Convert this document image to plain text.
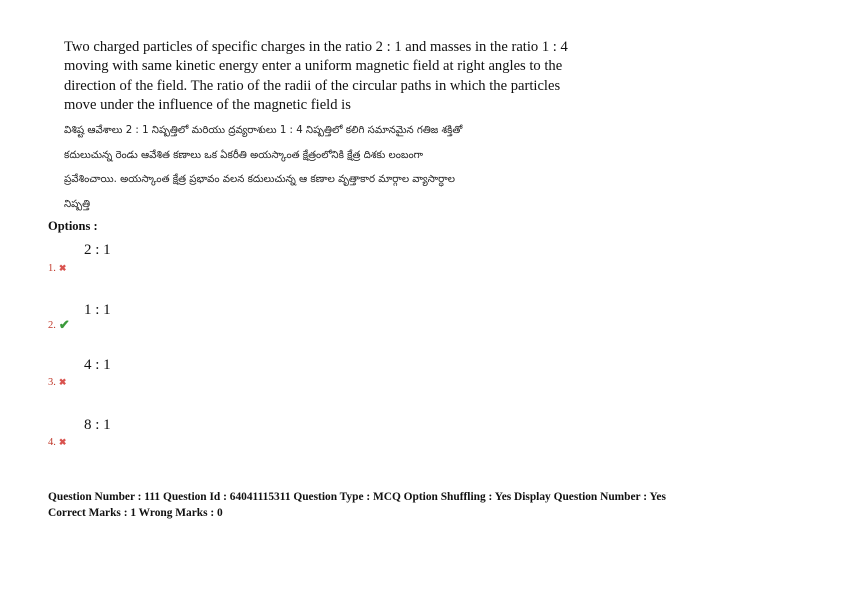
Two charged particles of specific charges in the ratio 2 : 1 and masses in the ratio 1 : 4 moving with same kinetic energy enter a uniform magnetic field at right angles to the direction of the field. The ratio of the radii of the circular paths in which the particles move under the influence of the magnetic field is
విశిష్ట ఆవేశాలు 2 : 1 నిష్పత్తిలో మరియు ద్రవ్యరాశులు 1 : 4 నిష్పత్తిలో కలిగి సమానమైన గతిజ శక్తితో
కదులుచున్న రెండు ఆవేశిత కణాలు ఒక ఏకరీతి అయస్కాంత క్షేత్రంలోనికి క్షేత్ర దిశకు లంబంగా
ప్రవేశించాయి. అయస్కాంత క్షేత్ర ప్రభావం వలన కదులుచున్న ఆ కణాల వృత్తాకార మార్గాల వ్యాసార్ధాల
నిష్పత్తి
Options :
2 : 1
1. ✖
1 : 1
2. ✔
4 : 1
3. ✖
8 : 1
4. ✖
Question Number : 111 Question Id : 64041115311 Question Type : MCQ Option Shuffling : Yes Display Question Number : Yes
Correct Marks : 1 Wrong Marks : 0
